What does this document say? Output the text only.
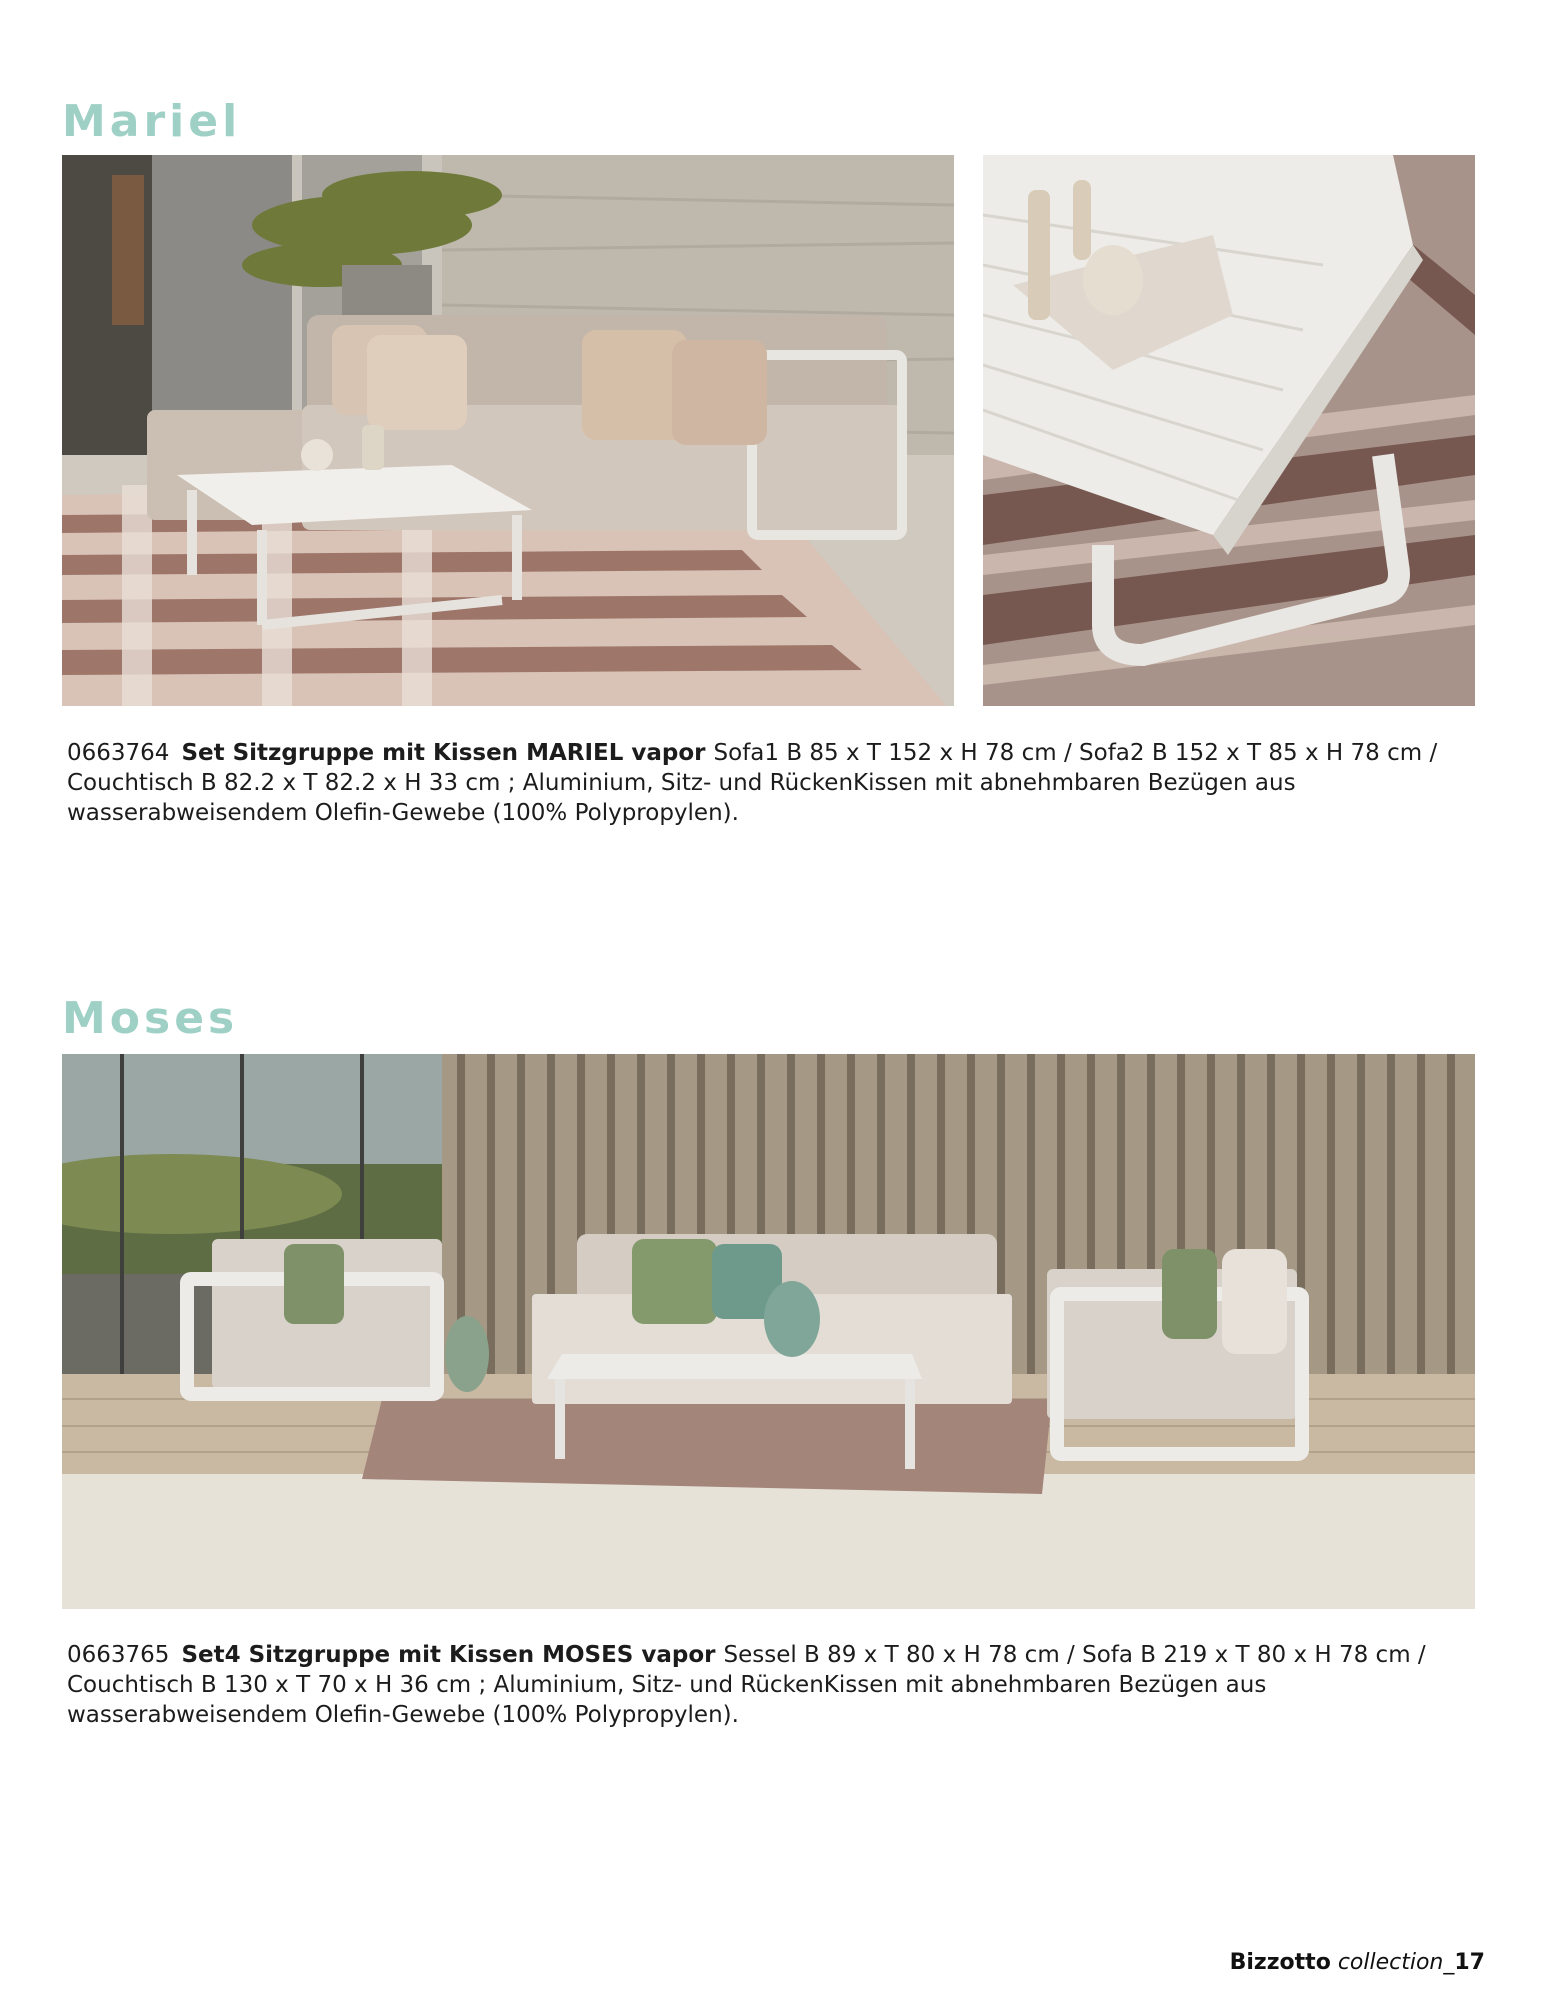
Mariel

0663764 Set Sitzgruppe mit Kissen MARIEL vapor Sofa1 B 85 x T 152 x H 78 cm / Sofa2 B 152 x T 85 x H 78 cm / Couchtisch B 82.2 x T 82.2 x H 33 cm ; Aluminium, Sitz- und RückenKissen mit abnehmbaren Bezügen aus wasserabweisendem Olefin-Gewebe (100% Polypropylen).

Moses

0663765 Set4 Sitzgruppe mit Kissen MOSES vapor Sessel B 89 x T 80 x H 78 cm / Sofa B 219 x T 80 x H 78 cm / Couchtisch B 130 x T 70 x H 36 cm ; Aluminium, Sitz- und RückenKissen mit abnehmbaren Bezügen aus wasserabweisendem Olefin-Gewebe (100% Polypropylen).

Bizzotto collection_17
